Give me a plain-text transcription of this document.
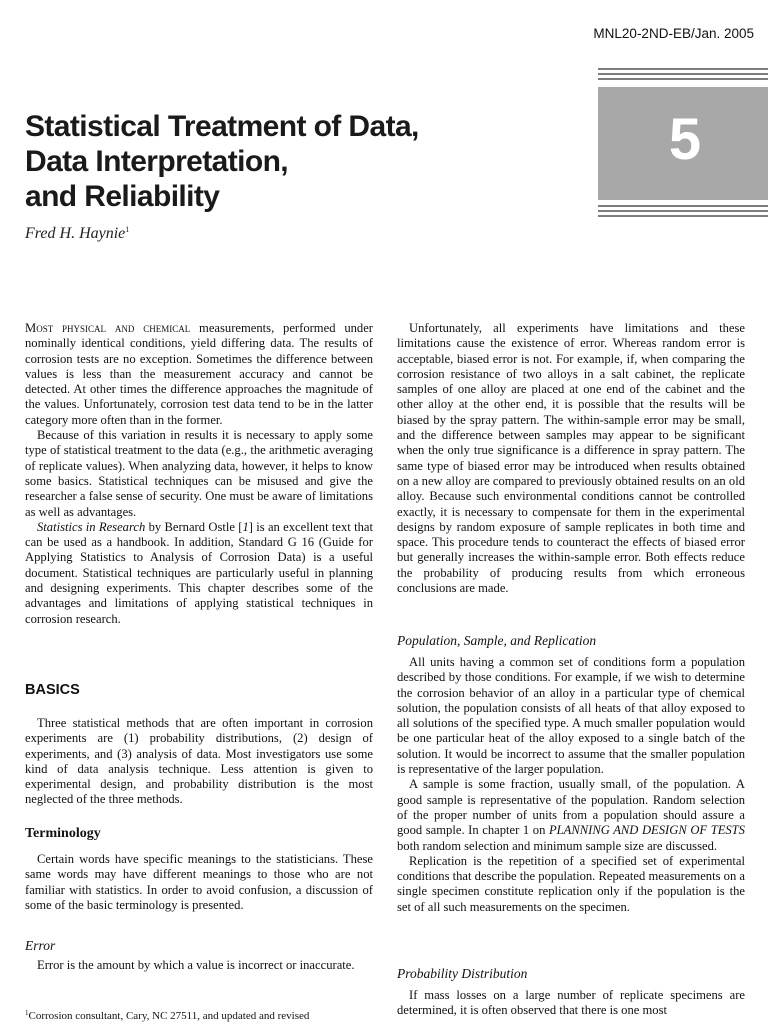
MNL20-2ND-EB/Jan. 2005
Statistical Treatment of Data,
Data Interpretation,
and Reliability
Fred H. Haynie$^1$
5

Most physical and chemical measurements, performed under nominally identical conditions, yield differing data. The results of corrosion tests are no exception. Sometimes the difference between values is less than the measurement accuracy and cannot be detected. At other times the difference approaches the magnitude of the values. Unfortunately, corrosion test data tend to be in the latter category more often than in the former.

Because of this variation in results it is necessary to apply some type of statistical treatment to the data (e.g., the arithmetic averaging of replicate values). When analyzing data, however, it helps to know some basics. Statistical techniques can be misused and give the researcher a false sense of security. One must be aware of limitations as well as advantages.

Statistics in Research by Bernard Ostle [1] is an excellent text that can be used as a handbook. In addition, Standard G 16 (Guide for Applying Statistics to Analysis of Corrosion Data) is a useful document. Statistical techniques are particularly useful in planning and designing experiments. This chapter describes some of the advantages and limitations of applying statistical techniques in corrosion research.

BASICS

Three statistical methods that are often important in corrosion experiments are (1) probability distributions, (2) design of experiments, and (3) analysis of data. Most investigators use some kind of data analysis technique. Less attention is given to experimental design, and probability distribution is the most neglected of the three methods.

Terminology

Certain words have specific meanings to the statisticians. These same words may have different meanings to those who are not familiar with statistics. In order to avoid confusion, a discussion of some of the basic terminology is presented.

Error

Error is the amount by which a value is incorrect or inaccurate.

$^1$Corrosion consultant, Cary, NC 27511, and updated and revised

Unfortunately, all experiments have limitations and these limitations cause the existence of error. Whereas random error is acceptable, biased error is not. For example, if, when comparing the corrosion resistance of two alloys in a salt cabinet, the replicate samples of one alloy are placed at one end of the cabinet and the other alloy at the other end, it is possible that the results will be biased by the spray pattern. The within-sample error may be small, and the difference between samples may appear to be significant when the only true significance is a difference in spray pattern. The same type of biased error may be introduced when results obtained on a new alloy are compared to previously obtained results on an old alloy. Because such environmental conditions cannot be controlled exactly, it is necessary to compensate for them in the experimental designs by random exposure of sample replicates in both time and space. This procedure tends to counteract the effects of biased error but generally increases the within-sample error. Both effects reduce the probability of producing results from which erroneous conclusions are made.

Population, Sample, and Replication

All units having a common set of conditions form a population described by those conditions. For example, if we wish to determine the corrosion behavior of an alloy in a particular type of chemical solution, the population consists of all heats of that alloy exposed to all solutions of the specified type. A much smaller population would be one particular heat of the alloy exposed to a single batch of the solution. It would be incorrect to assume that the smaller population is representative of the larger population.

A sample is some fraction, usually small, of the population. A good sample is representative of the population. Random selection of the proper number of units from a population should assure a good sample. In chapter 1 on PLANNING AND DESIGN OF TESTS both random selection and minimum sample size are discussed.

Replication is the repetition of a specified set of experimental conditions that describe the population. Repeated measurements on a single specimen constitute replication only if the population is the set of all such measurements on the specimen.

Probability Distribution

If mass losses on a large number of replicate specimens are determined, it is often observed that there is one most
